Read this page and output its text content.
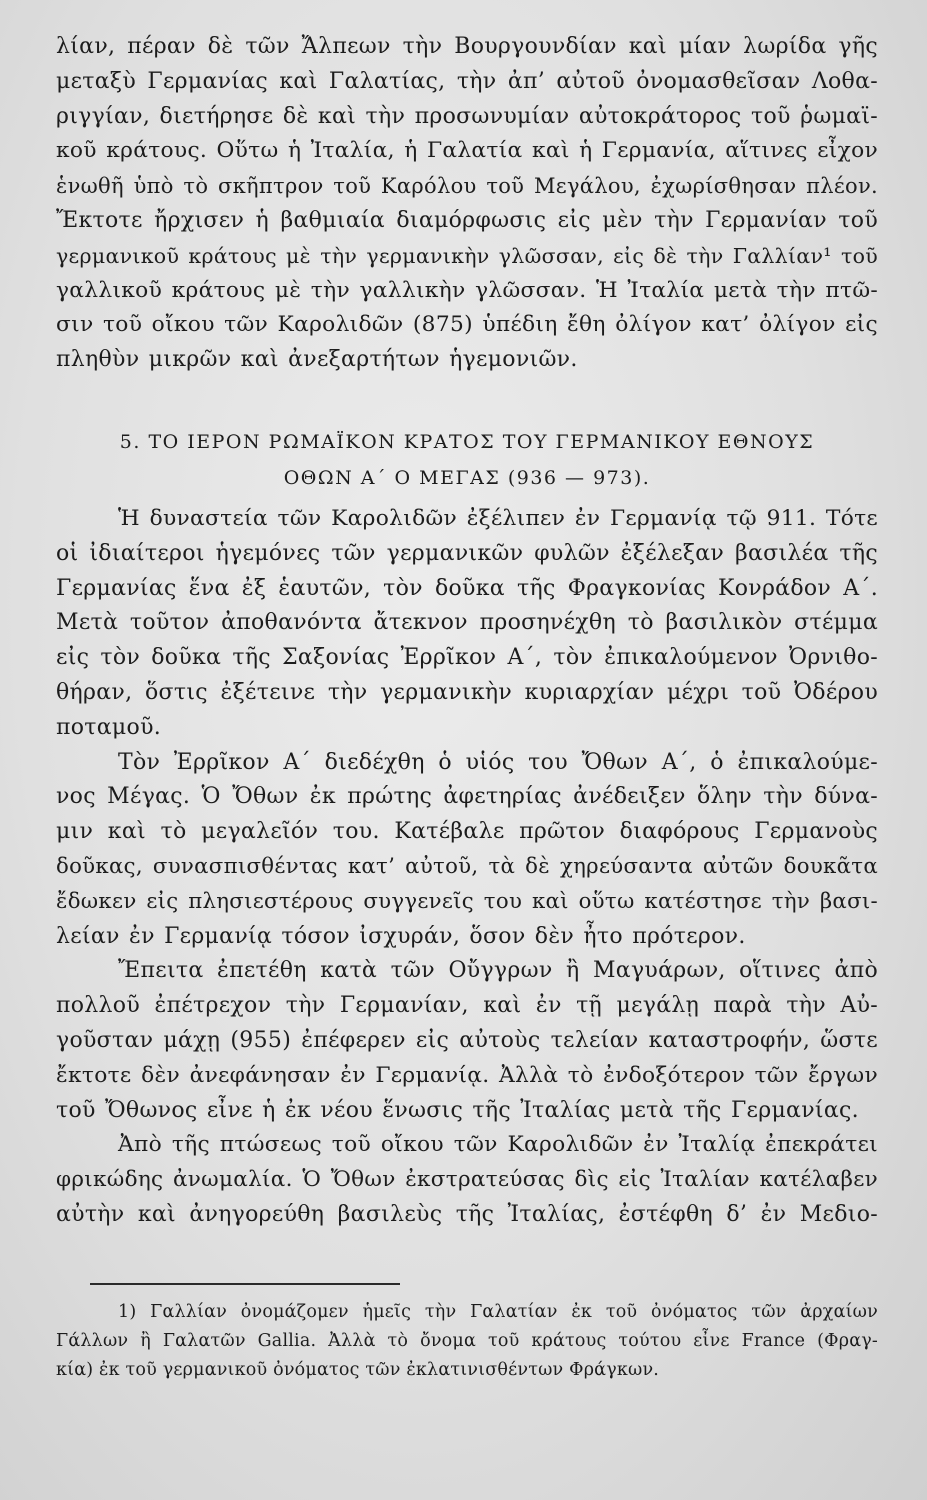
λίαν, πέραν δὲ τῶν Ἄλπεων τὴν Βουργουνδίαν καὶ μίαν λωρίδα γῆς
μεταξὺ Γερμανίας καὶ Γαλατίας, τὴν ἀπ’ αὐτοῦ ὀνομασθεῖσαν Λοθα-
ριγγίαν, διετήρησε δὲ καὶ τὴν προσωνυμίαν αὐτοκράτορος τοῦ ῥωμαϊ-
κοῦ κράτους. Οὕτω ἡ Ἰταλία, ἡ Γαλατία καὶ ἡ Γερμανία, αἵτινες εἶχον
ἑνωθῆ ὑπὸ τὸ σκῆπτρον τοῦ Καρόλου τοῦ Μεγάλου, ἐχωρίσθησαν πλέον.
Ἔκτοτε ἤρχισεν ἡ βαθμιαία διαμόρφωσις εἰς μὲν τὴν Γερμανίαν τοῦ
γερμανικοῦ κράτους μὲ τὴν γερμανικὴν γλῶσσαν, εἰς δὲ τὴν Γαλλίαν¹ τοῦ
γαλλικοῦ κράτους μὲ τὴν γαλλικὴν γλῶσσαν. Ἡ Ἰταλία μετὰ τὴν πτῶ-
σιν τοῦ οἴκου τῶν Καρολιδῶν (875) ὑπέδιη ἔθη ὀλίγον κατ’ ὀλίγον εἰς
πληθὺν μικρῶν καὶ ἀνεξαρτήτων ἡγεμονιῶν.
5. ΤΟ ΙΕΡΟΝ ΡΩΜΑΪΚΟΝ ΚΡΑΤΟΣ ΤΟΥ ΓΕΡΜΑΝΙΚΟΥ ΕΘΝΟΥΣ
ΟΘΩΝ Α΄ Ο ΜΕΓΑΣ (936 — 973).
Ἡ δυναστεία τῶν Καρολιδῶν ἐξέλιπεν ἐν Γερμανίᾳ τῷ 911. Τότε
οἱ ἰδιαίτεροι ἡγεμόνες τῶν γερμανικῶν φυλῶν ἐξέλεξαν βασιλέα τῆς
Γερμανίας ἕνα ἐξ ἑαυτῶν, τὸν δοῦκα τῆς Φραγκονίας Κονράδον Α΄.
Μετὰ τοῦτον ἀποθανόντα ἄτεκνον προσηνέχθη τὸ βασιλικὸν στέμμα
εἰς τὸν δοῦκα τῆς Σαξονίας Ἐρρῖκον Α΄, τὸν ἐπικαλούμενον Ὀρνιθο-
θήραν, ὅστις ἐξέτεινε τὴν γερμανικὴν κυριαρχίαν μέχρι τοῦ Ὀδέρου
ποταμοῦ.
Τὸν Ἐρρῖκον Α΄ διεδέχθη ὁ υἱός του Ὄθων Α΄, ὁ ἐπικαλούμε-
νος Μέγας. Ὁ Ὄθων ἐκ πρώτης ἀφετηρίας ἀνέδειξεν ὅλην τὴν δύνα-
μιν καὶ τὸ μεγαλεῖόν του. Κατέβαλε πρῶτον διαφόρους Γερμανοὺς
δοῦκας, συνασπισθέντας κατ’ αὐτοῦ, τὰ δὲ χηρεύσαντα αὐτῶν δουκᾶτα
ἔδωκεν εἰς πλησιεστέρους συγγενεῖς του καὶ οὕτω κατέστησε τὴν βασι-
λείαν ἐν Γερμανίᾳ τόσον ἰσχυράν, ὅσον δὲν ἦτο πρότερον.
Ἔπειτα ἐπετέθη κατὰ τῶν Οὔγγρων ἢ Μαγυάρων, οἵτινες ἀπὸ
πολλοῦ ἐπέτρεχον τὴν Γερμανίαν, καὶ ἐν τῇ μεγάλῃ παρὰ τὴν Αὐ-
γοῦσταν μάχῃ (955) ἐπέφερεν εἰς αὐτοὺς τελείαν καταστροφήν, ὥστε
ἔκτοτε δὲν ἀνεφάνησαν ἐν Γερμανίᾳ. Ἀλλὰ τὸ ἐνδοξότερον τῶν ἔργων
τοῦ Ὄθωνος εἶνε ἡ ἐκ νέου ἕνωσις τῆς Ἰταλίας μετὰ τῆς Γερμανίας.
Ἀπὸ τῆς πτώσεως τοῦ οἴκου τῶν Καρολιδῶν ἐν Ἰταλίᾳ ἐπεκράτει
φρικώδης ἀνωμαλία. Ὁ Ὄθων ἐκστρατεύσας δὶς εἰς Ἰταλίαν κατέλαβεν
αὐτὴν καὶ ἀνηγορεύθη βασιλεὺς τῆς Ἰταλίας, ἐστέφθη δ’ ἐν Μεδιο-
1) Γαλλίαν ὀνομάζομεν ἡμεῖς τὴν Γαλατίαν ἐκ τοῦ ὀνόματος τῶν ἀρχαίων
Γάλλων ἢ Γαλατῶν Gallia. Ἀλλὰ τὸ ὄνομα τοῦ κράτους τούτου εἶνε France (Φραγ-
κία) ἐκ τοῦ γερμανικοῦ ὀνόματος τῶν ἐκλατινισθέντων Φράγκων.
